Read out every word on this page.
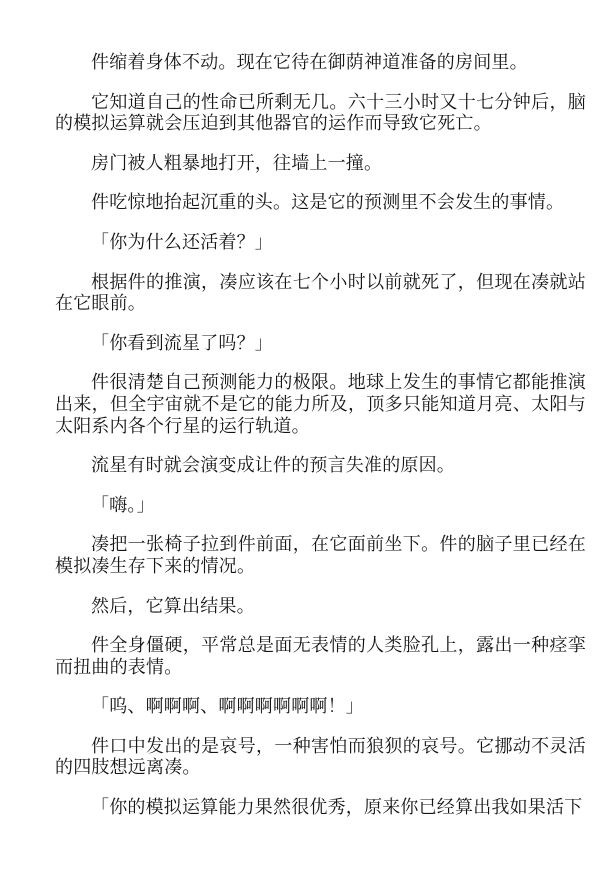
件缩着身体不动。现在它待在御荫神道准备的房间里。

它知道自己的性命已所剩无几。六十三小时又十七分钟后，脑的模拟运算就会压迫到其他器官的运作而导致它死亡。

房门被人粗暴地打开，往墙上一撞。

件吃惊地抬起沉重的头。这是它的预测里不会发生的事情。

「你为什么还活着？」

根据件的推演，凑应该在七个小时以前就死了，但现在凑就站在它眼前。

「你看到流星了吗？」

件很清楚自己预测能力的极限。地球上发生的事情它都能推演出来，但全宇宙就不是它的能力所及，顶多只能知道月亮、太阳与太阳系内各个行星的运行轨道。

流星有时就会演变成让件的预言失准的原因。

「嗨。」

凑把一张椅子拉到件前面，在它面前坐下。件的脑子里已经在模拟凑生存下来的情况。

然后，它算出结果。

件全身僵硬，平常总是面无表情的人类脸孔上，露出一种痉挛而扭曲的表情。

「呜、啊啊啊、啊啊啊啊啊啊！」

件口中发出的是哀号，一种害怕而狼狈的哀号。它挪动不灵活的四肢想远离凑。

「你的模拟运算能力果然很优秀，原来你已经算出我如果活下
